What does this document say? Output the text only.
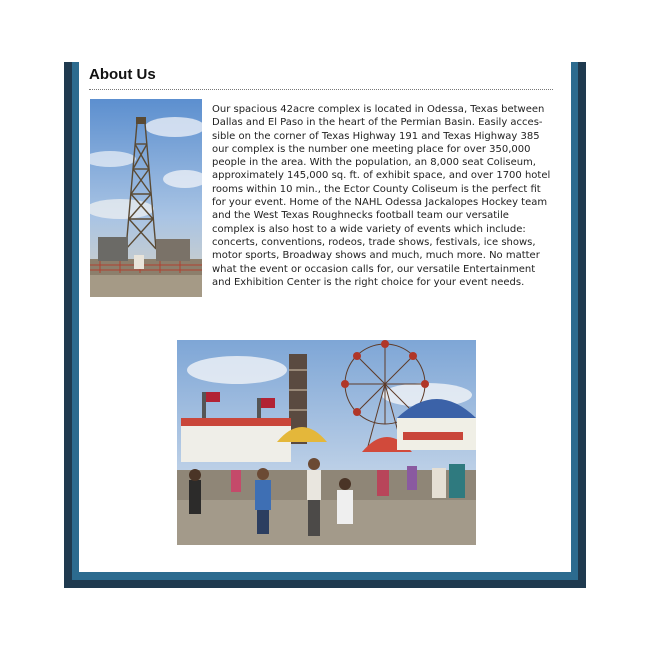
About Us
Our spacious 42acre complex is located in Odessa, Texas between
Dallas and El Paso in the heart of the Permian Basin. Easily acces-
sible on the corner of Texas Highway 191 and Texas Highway 385
our complex is the number one meeting place for over 350,000
people in the area. With the population, an 8,000 seat Coliseum,
approximately 145,000 sq. ft. of exhibit space, and over 1700 hotel
rooms within 10 min., the Ector County Coliseum is the perfect fit
for your event. Home of the NAHL Odessa Jackalopes Hockey team
and the West Texas Roughnecks football team our versatile
complex is also host to a wide variety of events which include:
concerts, conventions, rodeos, trade shows, festivals, ice shows,
motor sports, Broadway shows and much, much more. No matter
what the event or occasion calls for, our versatile Entertainment
and Exhibition Center is the right choice for your event needs.
